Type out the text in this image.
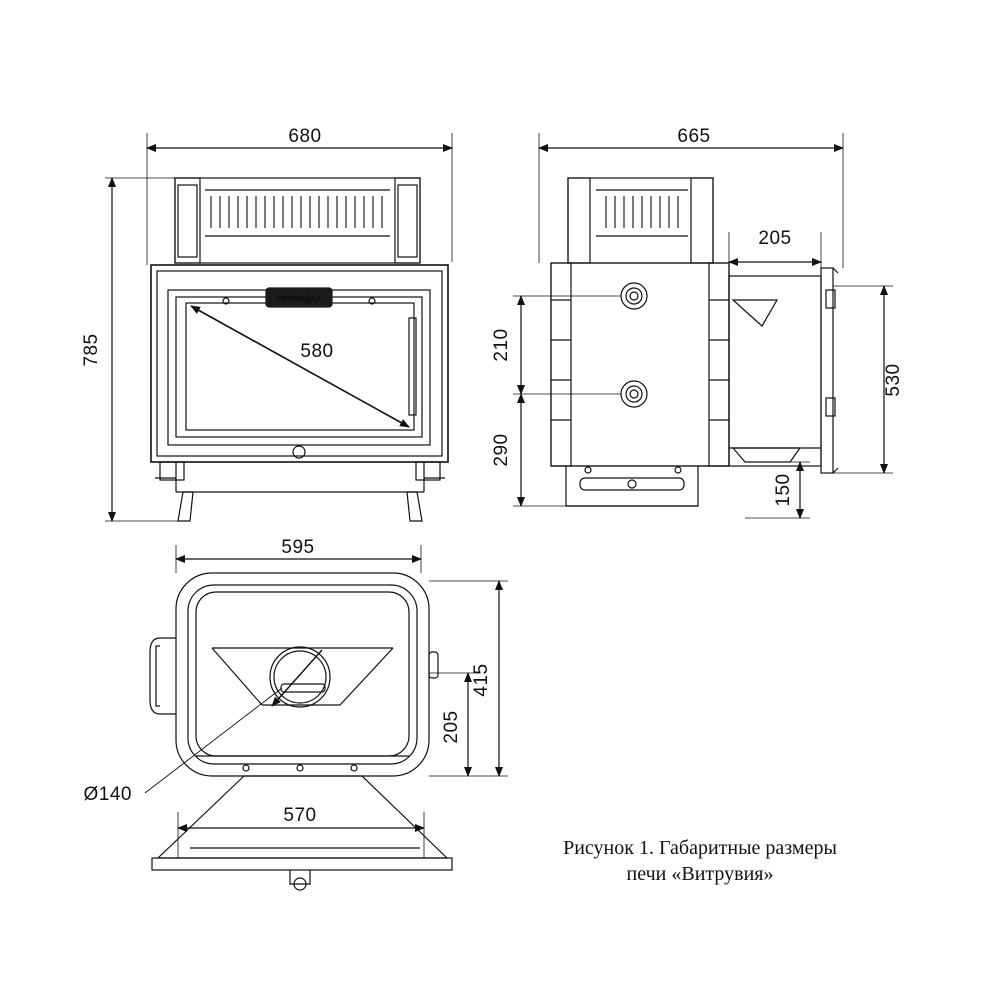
ТЕПЛОДАР
680
785	580
665
205
210
290
530
150
595
415
205
Ø140
570
Рисунок 1. Габаритные размеры
печи «Витрувия»
